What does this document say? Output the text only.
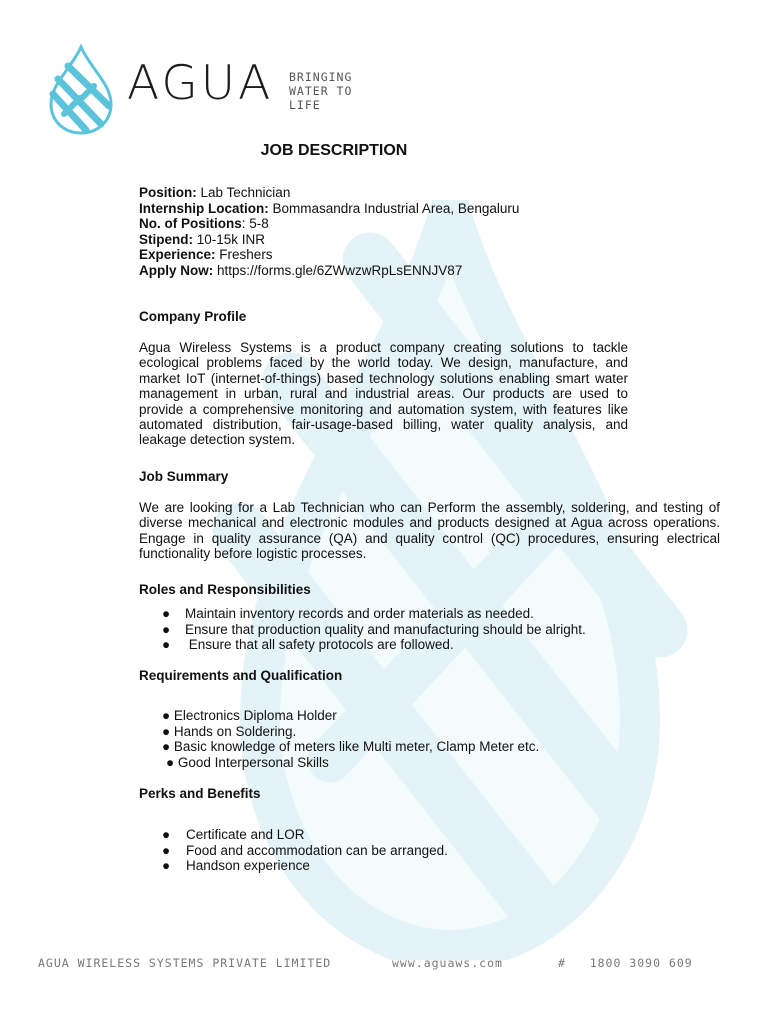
AGUA BRINGING
WATER TO
LIFE
JOB DESCRIPTION
Position: Lab Technician
Internship Location: Bommasandra Industrial Area, Bengaluru
No. of Positions: 5-8
Stipend: 10-15k INR
Experience: Freshers
Apply Now: https://forms.gle/6ZWwzwRpLsENNJV87
Company Profile
Agua Wireless Systems is a product company creating solutions to tackle ecological problems faced by the world today. We design, manufacture, and market IoT (internet-of-things) based technology solutions enabling smart water management in urban, rural and industrial areas. Our products are used to provide a comprehensive monitoring and automation system, with features like automated distribution, fair-usage-based billing, water quality analysis, and leakage detection system.
Job Summary
We are looking for a Lab Technician who can Perform the assembly, soldering, and testing of diverse mechanical and electronic modules and products designed at Agua across operations. Engage in quality assurance (QA) and quality control (QC) procedures, ensuring electrical functionality before logistic processes.
Roles and Responsibilities
● Maintain inventory records and order materials as needed.
● Ensure that production quality and manufacturing should be alright.
● Ensure that all safety protocols are followed.
Requirements and Qualification
● Electronics Diploma Holder
● Hands on Soldering.
● Basic knowledge of meters like Multi meter, Clamp Meter etc.
● Good Interpersonal Skills
Perks and Benefits
● Certificate and LOR
● Food and accommodation can be arranged.
● Handson experience
AGUA WIRELESS SYSTEMS PRIVATE LIMITED	www.aguaws.com	#   1800 3090 609
